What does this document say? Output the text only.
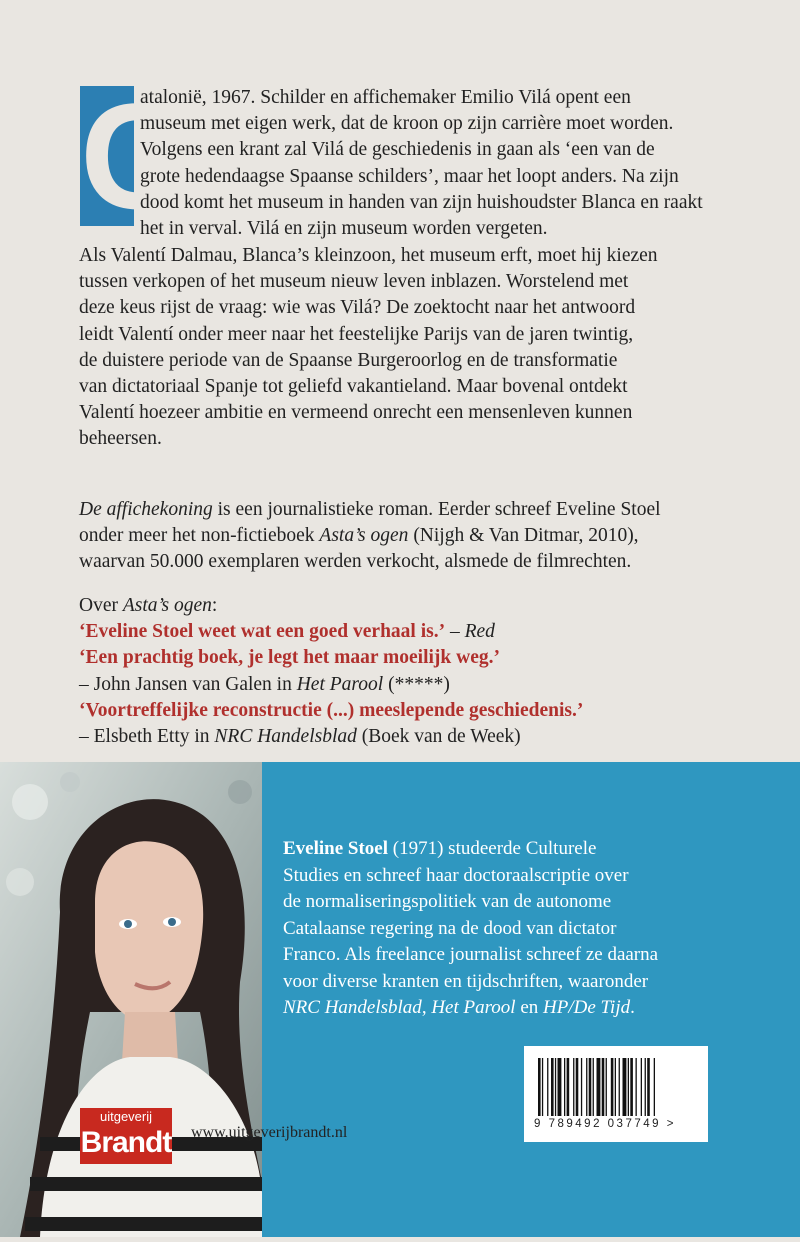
C
atalonië, 1967. Schilder en affichemaker Emilio Vilá opent een
museum met eigen werk, dat de kroon op zijn carrière moet worden.
Volgens een krant zal Vilá de geschiedenis in gaan als ‘een van de
grote hedendaagse Spaanse schilders’, maar het loopt anders. Na zijn
dood komt het museum in handen van zijn huishoudster Blanca en raakt
het in verval. Vilá en zijn museum worden vergeten.
Als Valentí Dalmau, Blanca’s kleinzoon, het museum erft, moet hij kiezen
tussen verkopen of het museum nieuw leven inblazen. Worstelend met
deze keus rijst de vraag: wie was Vilá? De zoektocht naar het antwoord
leidt Valentí onder meer naar het feestelijke Parijs van de jaren twintig,
de duistere periode van de Spaanse Burgeroorlog en de transformatie
van dictatoriaal Spanje tot geliefd vakantieland. Maar bovenal ontdekt
Valentí hoezeer ambitie en vermeend onrecht een mensenleven kunnen
beheersen.
De affichekoning is een journalistieke roman. Eerder schreef Eveline Stoel
onder meer het non-fictieboek Asta’s ogen (Nijgh & Van Ditmar, 2010),
waarvan 50.000 exemplaren werden verkocht, alsmede de filmrechten.
Over Asta’s ogen:
‘Eveline Stoel weet wat een goed verhaal is.’ – Red
‘Een prachtig boek, je legt het maar moeilijk weg.’
– John Jansen van Galen in Het Parool (*****)
‘Voortreffelijke reconstructie (...) meeslepende geschiedenis.’
– Elsbeth Etty in NRC Handelsblad (Boek van de Week)
Eveline Stoel (1971) studeerde Culturele
Studies en schreef haar doctoraalscriptie over
de normaliseringspolitiek van de autonome
Catalaanse regering na de dood van dictator
Franco. Als freelance journalist schreef ze daarna
voor diverse kranten en tijdschriften, waaronder
NRC Handelsblad, Het Parool en HP/De Tijd.
9 789492 037749 >
uitgeverij
Brandt www.uitgeverijbrandt.nl
